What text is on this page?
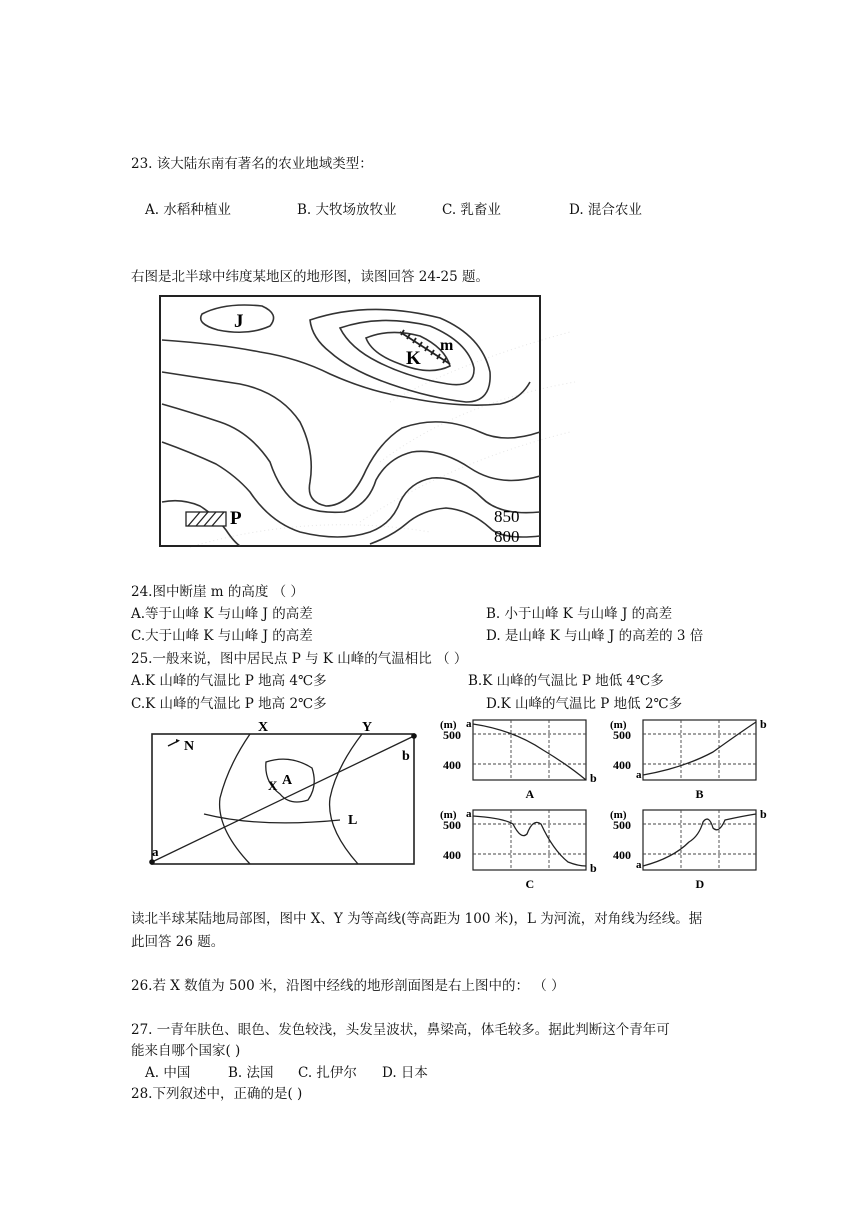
23. 该大陆东南有著名的农业地域类型：
A. 水稻种植业	B. 大牧场放牧业	C. 乳畜业	D. 混合农业
右图是北半球中纬度某地区的地形图，读图回答 24-25 题。
J
K
m
P	850
800
24.图中断崖 m 的高度 （ ）
A.等于山峰 K 与山峰 J 的高差	B. 小于山峰 K 与山峰 J 的高差
C.大于山峰 K 与山峰 J 的高差	D. 是山峰 K 与山峰 J 的高差的 3 倍
25.一般来说，图中居民点 P 与 K 山峰的气温相比 （ ）
A.K 山峰的气温比 P 地高 4℃多	B.K 山峰的气温比 P 地低 4℃多
C.K 山峰的气温比 P 地高 2℃多	D.K 山峰的气温比 P 地低 2℃多
X	Y
N
b
A
X
L
a
(m)
500
400
a
b
A
(m)
500
400
a
b
B
(m)
500
400
a
b
C
(m)
500
400
a
b
D
读北半球某陆地局部图，图中 X、Y 为等高线(等高距为 100 米)，L 为河流，对角线为经线。据
此回答 26 题。
26.若 X 数值为 500 米，沿图中经线的地形剖面图是右上图中的： （ ）
27. 一青年肤色、眼色、发色较浅，头发呈波状，鼻梁高，体毛较多。据此判断这个青年可
能来自哪个国家( )
A. 中国	B. 法国 C. 扎伊尔 D. 日本
28.下列叙述中，正确的是( )
